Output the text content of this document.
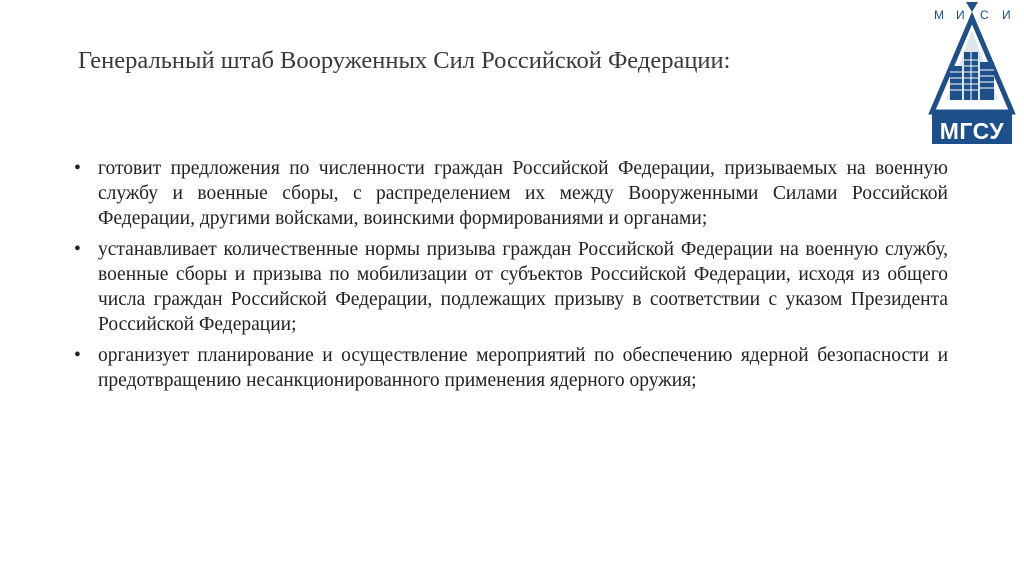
Генеральный штаб Вооруженных Сил Российской Федерации:
М И С И
МГСУ
• готовит предложения по численности граждан Российской Федерации, призываемых на военную службу и военные сборы, с распределением их между Вооруженными Силами Российской Федерации, другими войсками, воинскими формированиями и органами;
• устанавливает количественные нормы призыва граждан Российской Федерации на военную службу, военные сборы и призыва по мобилизации от субъектов Российской Федерации, исходя из общего числа граждан Российской Федерации, подлежащих призыву в соответствии с указом Президента Российской Федерации;
• организует планирование и осуществление мероприятий по обеспечению ядерной безопасности и предотвращению несанкционированного применения ядерного оружия;
